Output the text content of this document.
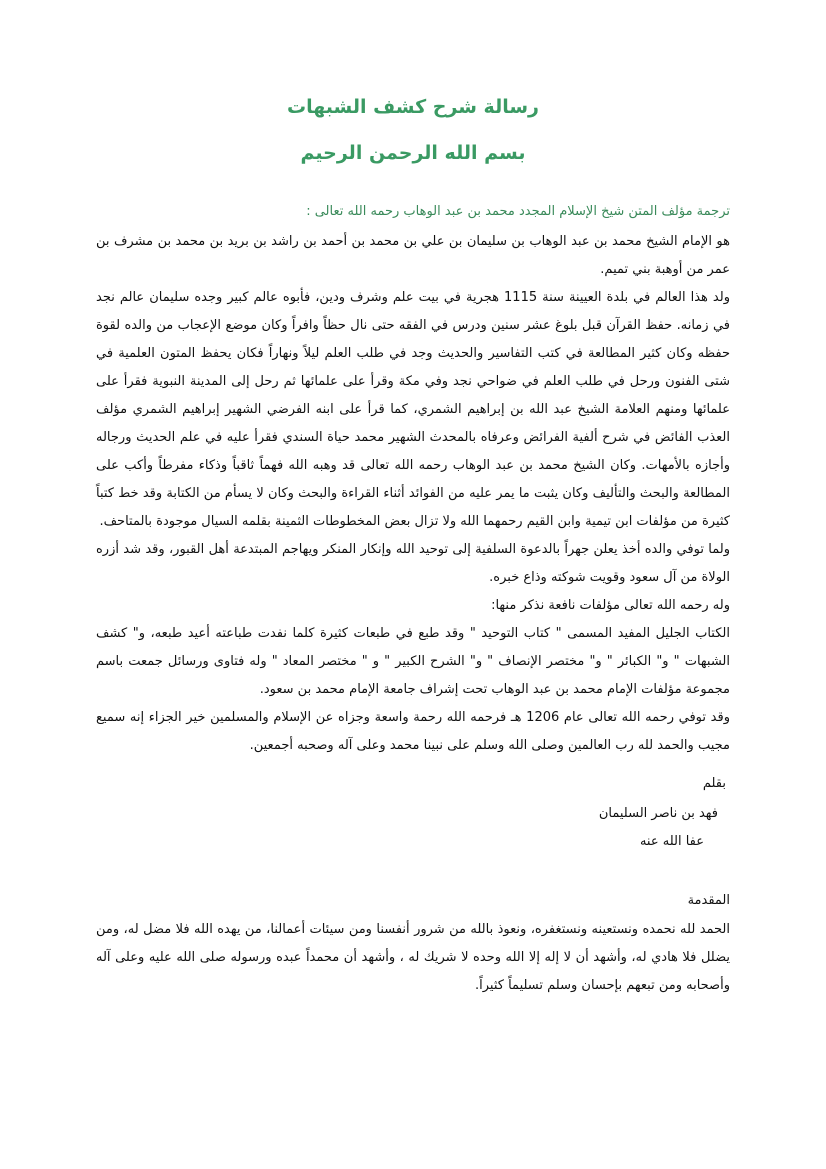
رسالة شرح كشف الشبهات
بسم الله الرحمن الرحيم
ترجمة مؤلف المتن شيخ الإسلام المجدد محمد بن عبد الوهاب رحمه الله تعالى :

هو الإمام الشيخ محمد بن عبد الوهاب بن سليمان بن علي بن محمد بن أحمد بن راشد بن بريد بن محمد بن مشرف بن عمر من أوهبة بني تميم.

ولد هذا العالم في بلدة العيينة سنة 1115 هجرية في بيت علم وشرف ودين، فأبوه عالم كبير وجده سليمان عالم نجد في زمانه. حفظ القرآن قبل بلوغ عشر سنين ودرس في الفقه حتى نال حظاً وافراً وكان موضع الإعجاب من والده لقوة حفظه وكان كثير المطالعة في كتب التفاسير والحديث وجد في طلب العلم ليلاً ونهاراً فكان يحفظ المتون العلمية في شتى الفنون ورحل في طلب العلم في ضواحي نجد وفي مكة وقرأ على علمائها ثم رحل إلى المدينة النبوية فقرأ على علمائها ومنهم العلامة الشيخ عبد الله بن إبراهيم الشمري، كما قرأ على ابنه الفرضي الشهير إبراهيم الشمري مؤلف العذب الفائض في شرح ألفية الفرائض وعرفاه بالمحدث الشهير محمد حياة السندي فقرأ عليه في علم الحديث ورجاله وأجازه بالأمهات. وكان الشيخ محمد بن عبد الوهاب رحمه الله تعالى قد وهبه الله فهماً ثاقباً وذكاء مفرطاً وأكب على المطالعة والبحث والتأليف وكان يثبت ما يمر عليه من الفوائد أثناء القراءة والبحث وكان لا يسأم من الكتابة وقد خط كتباً كثيرة من مؤلفات ابن تيمية وابن القيم رحمهما الله ولا تزال بعض المخطوطات الثمينة بقلمه السيال موجودة بالمتاحف.

ولما توفي والده أخذ يعلن جهراً بالدعوة السلفية إلى توحيد الله وإنكار المنكر ويهاجم المبتدعة أهل القبور، وقد شد أزره الولاة من آل سعود وقويت شوكته وذاع خبره.

وله رحمه الله تعالى مؤلفات نافعة نذكر منها:

الكتاب الجليل المفيد المسمى " كتاب التوحيد " وقد طبع في طبعات كثيرة كلما نفدت طباعته أعيد طبعه، و" كشف الشبهات " و" الكبائر " و" مختصر الإنصاف " و" الشرح الكبير " و " مختصر المعاد " وله فتاوى ورسائل جمعت باسم مجموعة مؤلفات الإمام محمد بن عبد الوهاب تحت إشراف جامعة الإمام محمد بن سعود.

وقد توفي رحمه الله تعالى عام 1206 هـ فرحمه الله رحمة واسعة وجزاه عن الإسلام والمسلمين خير الجزاء إنه سميع مجيب والحمد لله رب العالمين وصلى الله وسلم على نبينا محمد وعلى آله وصحبه أجمعين.

بقلم
فهد بن ناصر السليمان
عفا الله عنه
المقدمة

الحمد لله نحمده ونستعينه ونستغفره، ونعوذ بالله من شرور أنفسنا ومن سيئات أعمالنا، من يهده الله فلا مضل له، ومن يضلل فلا هادي له، وأشهد أن لا إله إلا الله وحده لا شريك له ، وأشهد أن محمداً عبده ورسوله صلى الله عليه وعلى آله وأصحابه ومن تبعهم بإحسان وسلم تسليماً كثيراً.
